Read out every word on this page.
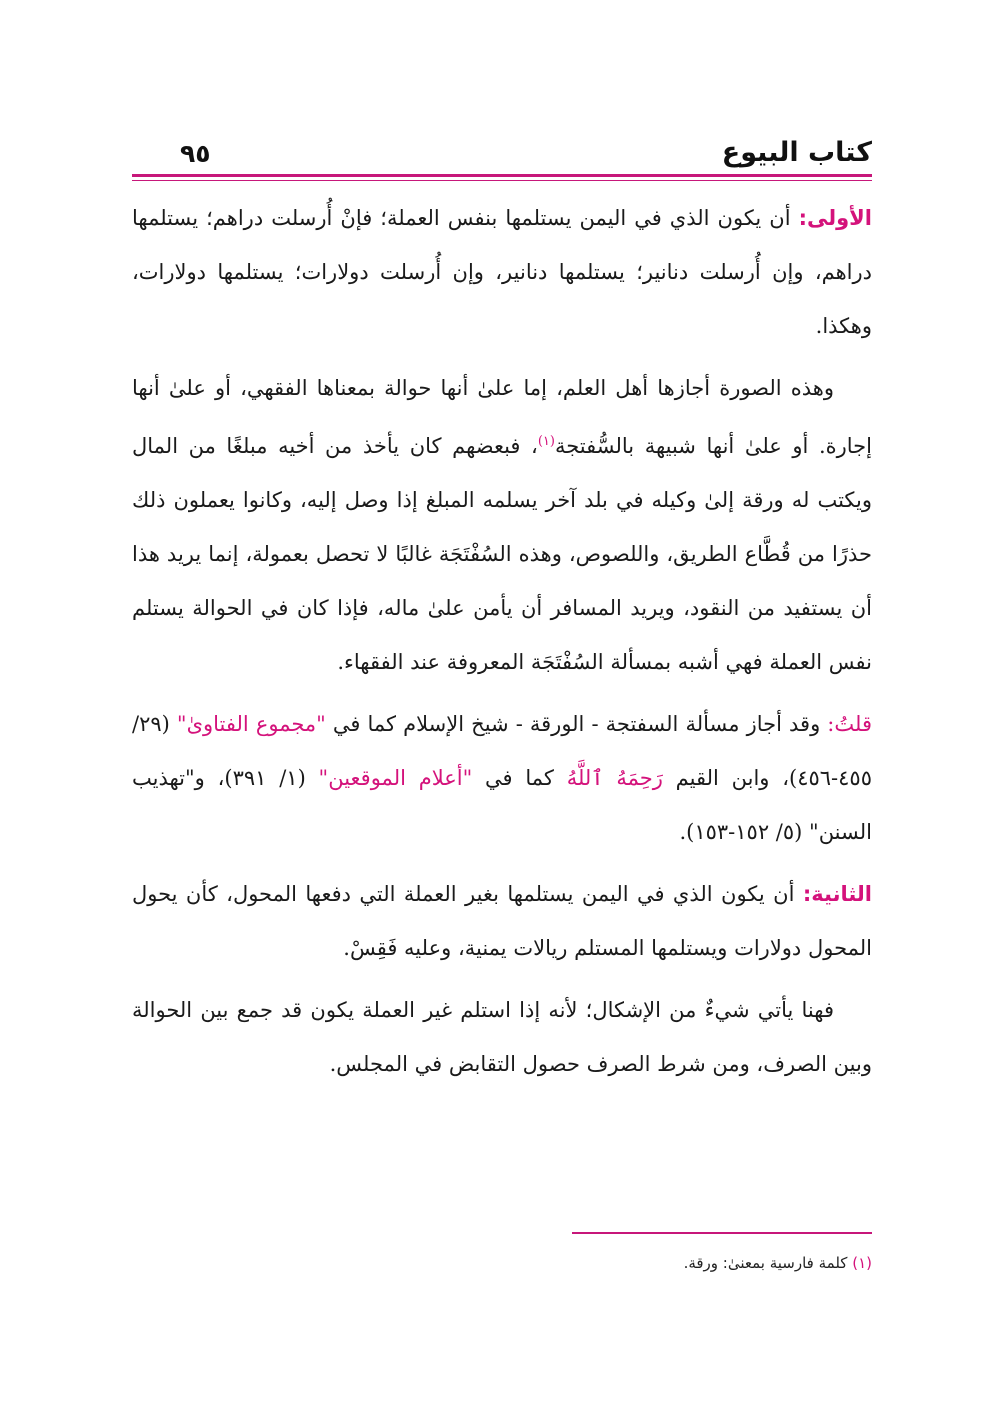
كتاب البيوع
٩٥

الأولى: أن يكون الذي في اليمن يستلمها بنفس العملة؛ فإنْ أُرسلت دراهم؛ يستلمها دراهم، وإن أُرسلت دنانير؛ يستلمها دنانير، وإن أُرسلت دولارات؛ يستلمها دولارات، وهكذا.

وهذه الصورة أجازها أهل العلم، إما علىٰ أنها حوالة بمعناها الفقهي، أو علىٰ أنها إجارة. أو علىٰ أنها شبيهة بالسُّفتجة$^{(١)}$، فبعضهم كان يأخذ من أخيه مبلغًا من المال ويكتب له ورقة إلىٰ وكيله في بلد آخر يسلمه المبلغ إذا وصل إليه، وكانوا يعملون ذلك حذرًا من قُطَّاع الطريق، واللصوص، وهذه السُفْتَجَة غالبًا لا تحصل بعمولة، إنما يريد هذا أن يستفيد من النقود، ويريد المسافر أن يأمن علىٰ ماله، فإذا كان في الحوالة يستلم نفس العملة فهي أشبه بمسألة السُفْتَجَة المعروفة عند الفقهاء.

قلتُ: وقد أجاز مسألة السفتجة - الورقة - شيخ الإسلام كما في "مجموع الفتاوىٰ" (٢٩/ ٤٥٥-٤٥٦)، وابن القيم رَحِمَهُ ٱللَّهُ كما في "أعلام الموقعين" (١/ ٣٩١)، و"تهذيب السنن" (٥/ ١٥٢-١٥٣).

الثانية: أن يكون الذي في اليمن يستلمها بغير العملة التي دفعها المحول، كأن يحول المحول دولارات ويستلمها المستلم ريالات يمنية، وعليه فَقِسْ.

فهنا يأتي شيءٌ من الإشكال؛ لأنه إذا استلم غير العملة يكون قد جمع بين الحوالة وبين الصرف، ومن شرط الصرف حصول التقابض في المجلس.

(١) كلمة فارسية بمعنىٰ: ورقة.
